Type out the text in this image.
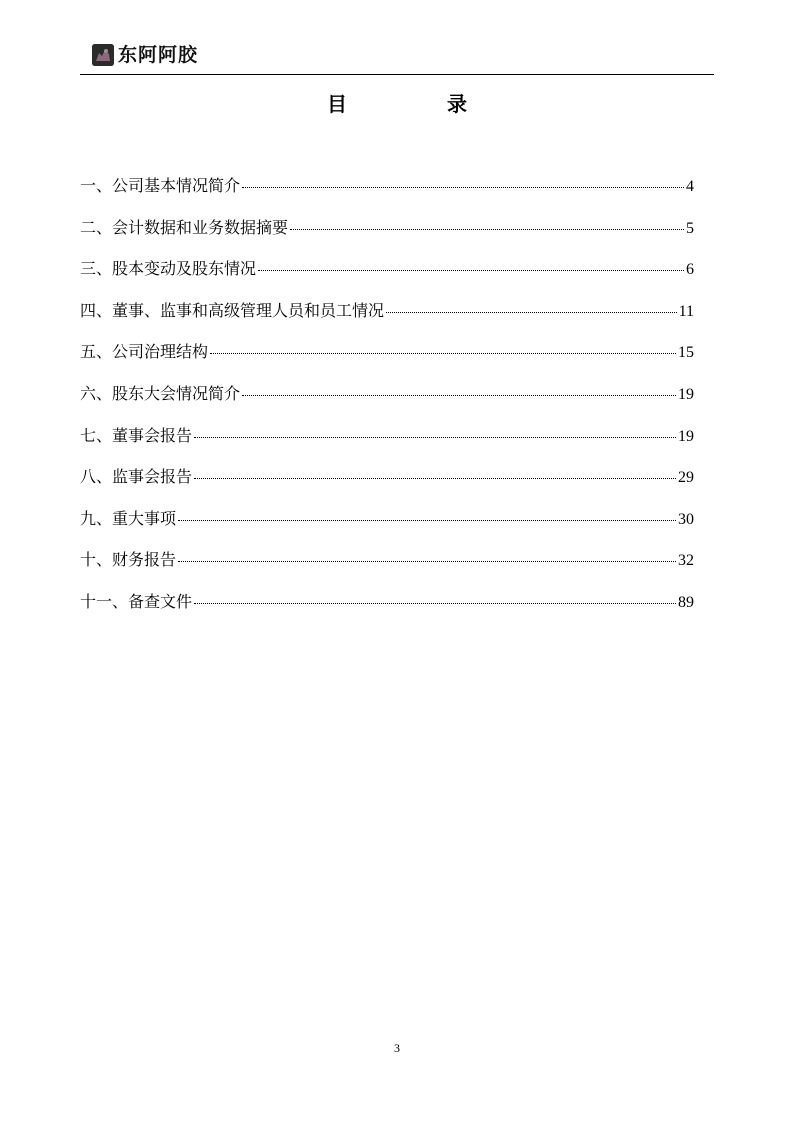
东阿阿胶
目	录
一、公司基本情况简介	4
二、会计数据和业务数据摘要	5
三、股本变动及股东情况	6
四、董事、监事和高级管理人员和员工情况	11
五、公司治理结构	15
六、股东大会情况简介	19
七、董事会报告	19
八、监事会报告	29
九、重大事项	30
十、财务报告	32
十一、备查文件	89
3
